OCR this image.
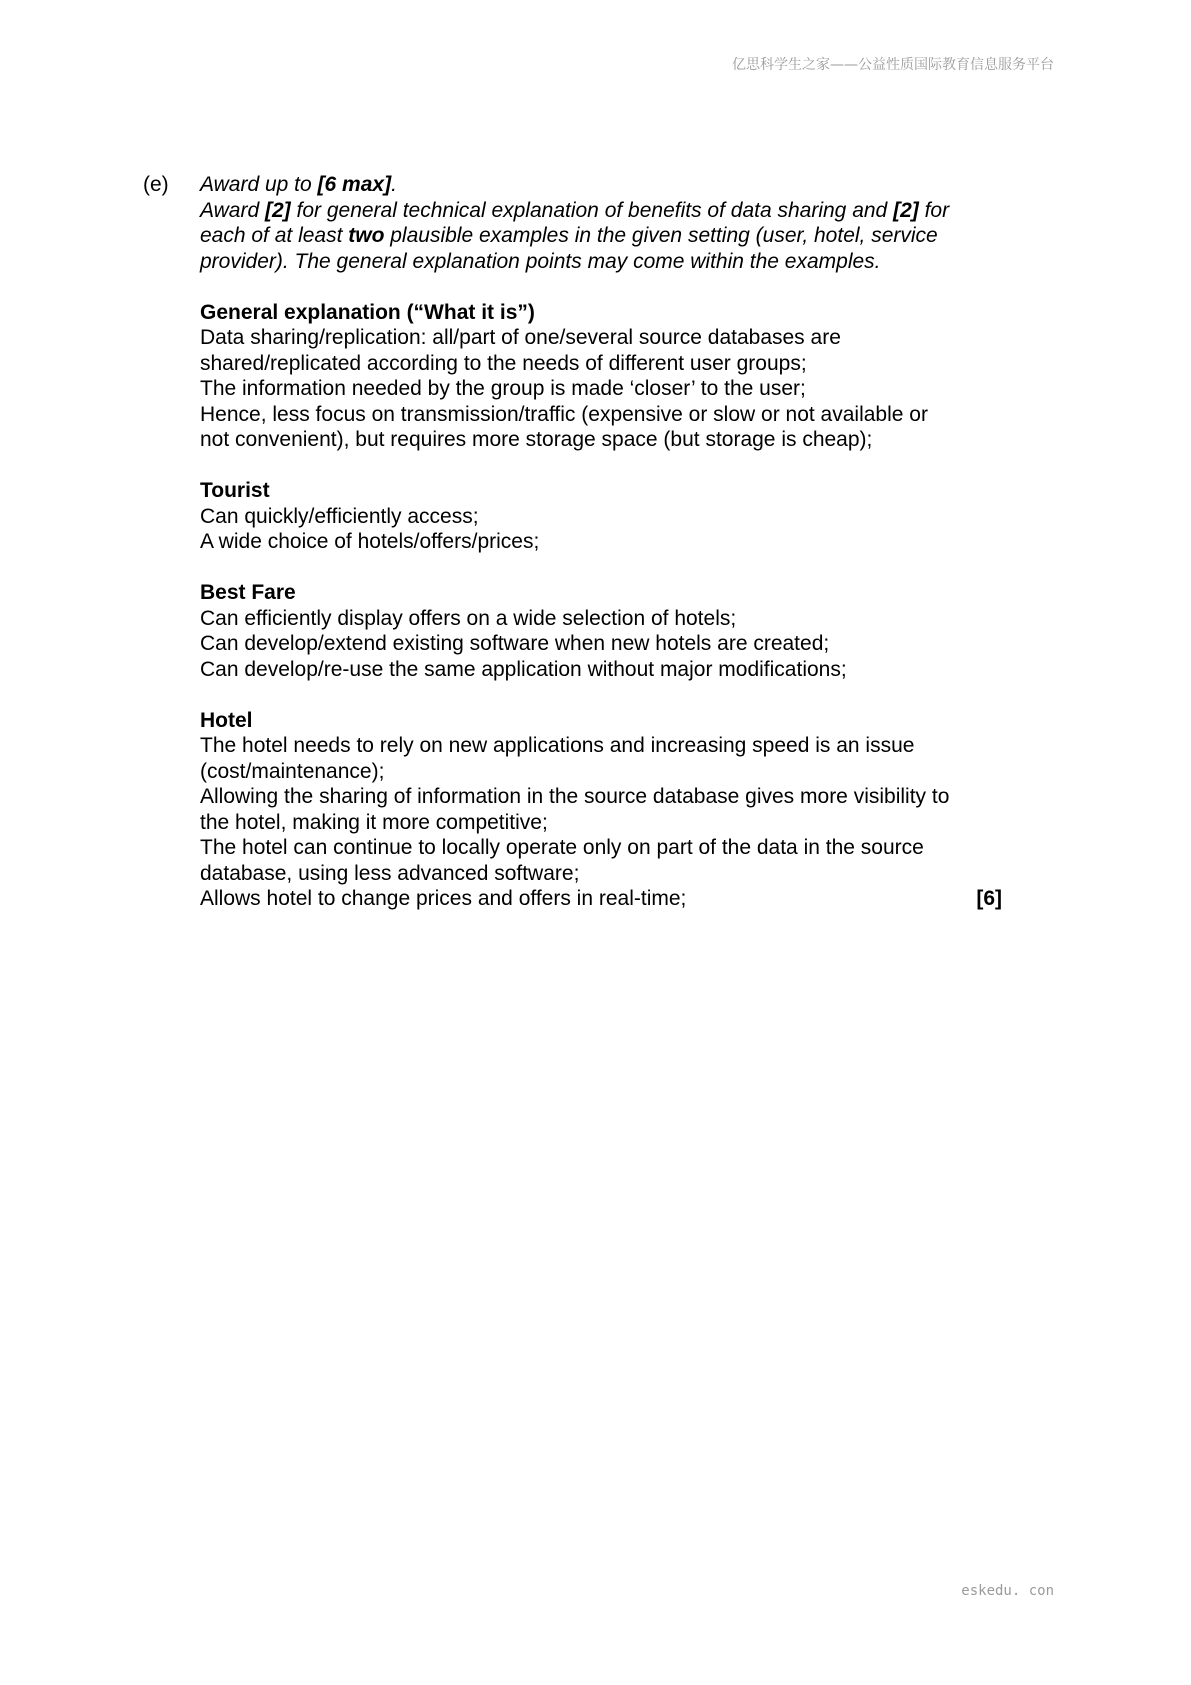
亿思科学生之家——公益性质国际教育信息服务平台
(e) Award up to [6 max].
Award [2] for general technical explanation of benefits of data sharing and [2] for
each of at least two plausible examples in the given setting (user, hotel, service
provider). The general explanation points may come within the examples.
General explanation (“What it is”)
Data sharing/replication: all/part of one/several source databases are
shared/replicated according to the needs of different user groups;
The information needed by the group is made ‘closer’ to the user;
Hence, less focus on transmission/traffic (expensive or slow or not available or
not convenient), but requires more storage space (but storage is cheap);
Tourist
Can quickly/efficiently access;
A wide choice of hotels/offers/prices;
Best Fare
Can efficiently display offers on a wide selection of hotels;
Can develop/extend existing software when new hotels are created;
Can develop/re-use the same application without major modifications;
Hotel
The hotel needs to rely on new applications and increasing speed is an issue
(cost/maintenance);
Allowing the sharing of information in the source database gives more visibility to
the hotel, making it more competitive;
The hotel can continue to locally operate only on part of the data in the source
database, using less advanced software;
Allows hotel to change prices and offers in real-time;	[6]
eskedu. con
